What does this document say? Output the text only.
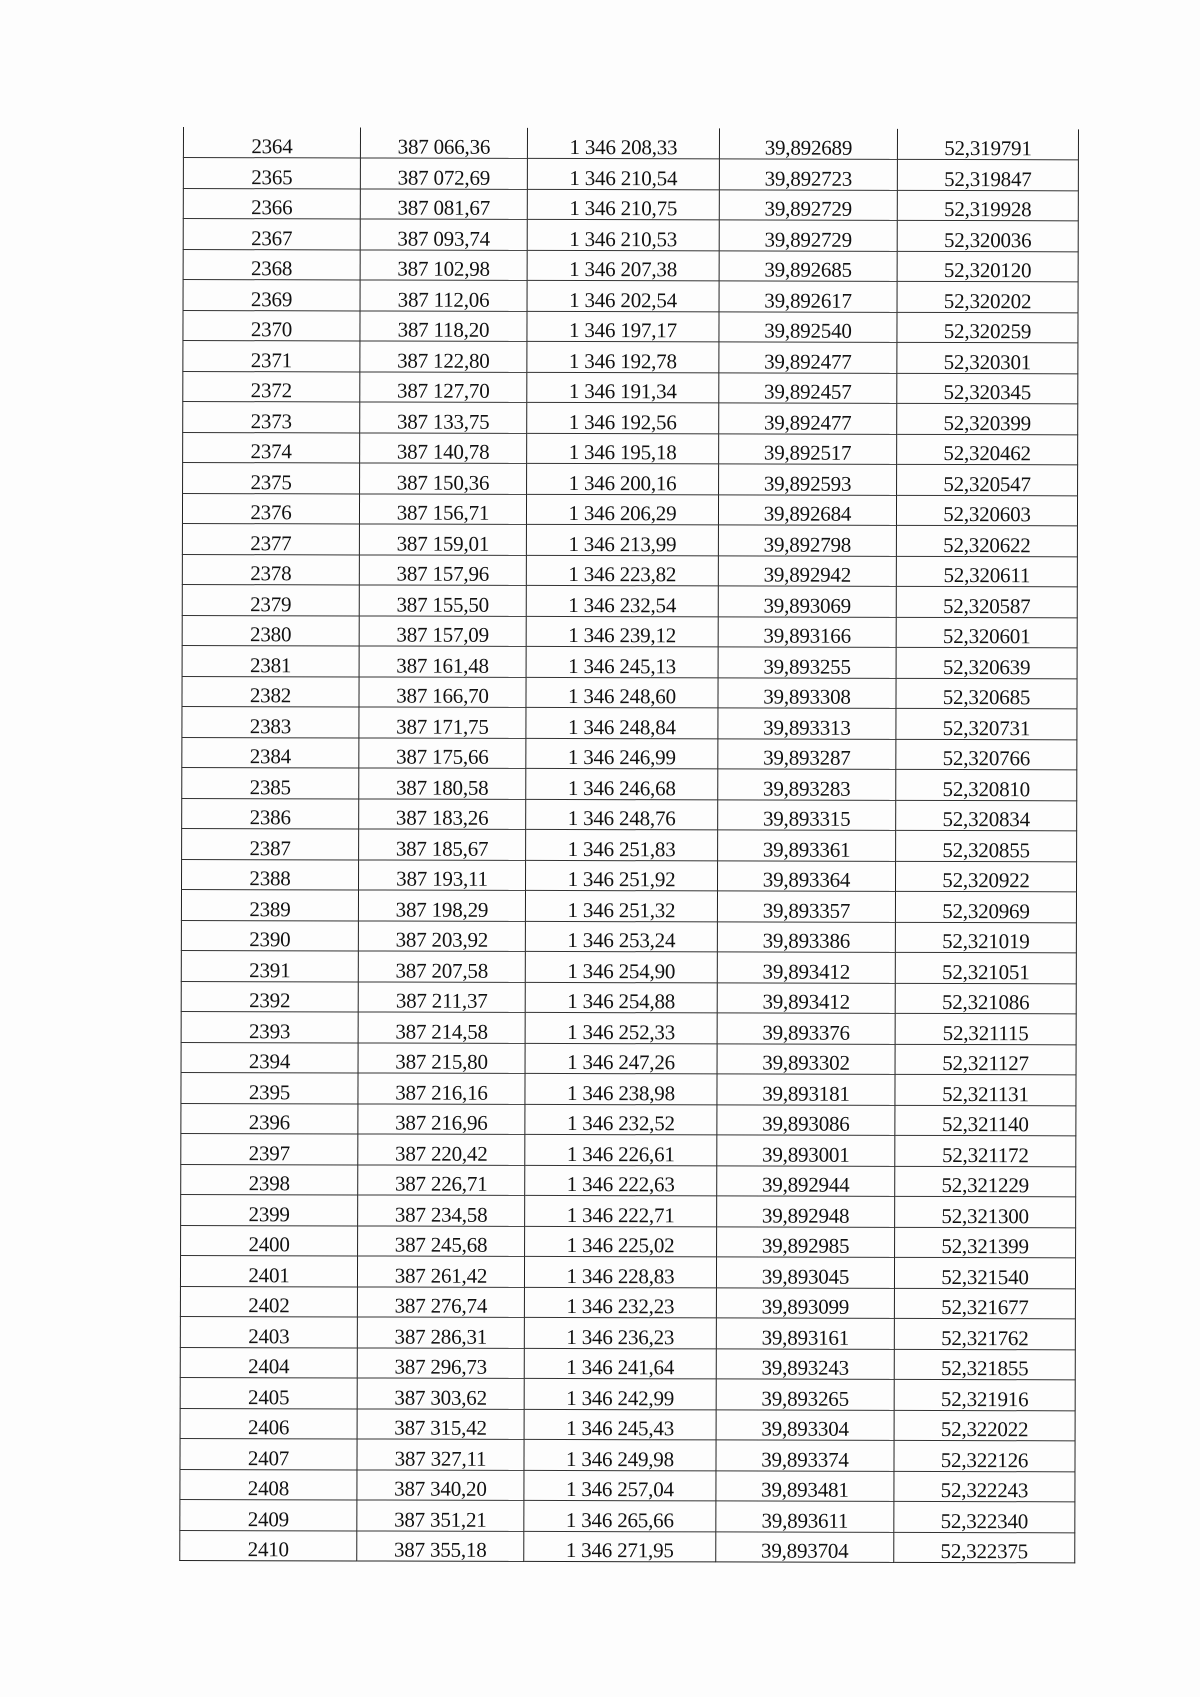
2364	387 066,36	1 346 208,33	39,892689	52,319791
2365	387 072,69	1 346 210,54	39,892723	52,319847
2366	387 081,67	1 346 210,75	39,892729	52,319928
2367	387 093,74	1 346 210,53	39,892729	52,320036
2368	387 102,98	1 346 207,38	39,892685	52,320120
2369	387 112,06	1 346 202,54	39,892617	52,320202
2370	387 118,20	1 346 197,17	39,892540	52,320259
2371	387 122,80	1 346 192,78	39,892477	52,320301
2372	387 127,70	1 346 191,34	39,892457	52,320345
2373	387 133,75	1 346 192,56	39,892477	52,320399
2374	387 140,78	1 346 195,18	39,892517	52,320462
2375	387 150,36	1 346 200,16	39,892593	52,320547
2376	387 156,71	1 346 206,29	39,892684	52,320603
2377	387 159,01	1 346 213,99	39,892798	52,320622
2378	387 157,96	1 346 223,82	39,892942	52,320611
2379	387 155,50	1 346 232,54	39,893069	52,320587
2380	387 157,09	1 346 239,12	39,893166	52,320601
2381	387 161,48	1 346 245,13	39,893255	52,320639
2382	387 166,70	1 346 248,60	39,893308	52,320685
2383	387 171,75	1 346 248,84	39,893313	52,320731
2384	387 175,66	1 346 246,99	39,893287	52,320766
2385	387 180,58	1 346 246,68	39,893283	52,320810
2386	387 183,26	1 346 248,76	39,893315	52,320834
2387	387 185,67	1 346 251,83	39,893361	52,320855
2388	387 193,11	1 346 251,92	39,893364	52,320922
2389	387 198,29	1 346 251,32	39,893357	52,320969
2390	387 203,92	1 346 253,24	39,893386	52,321019
2391	387 207,58	1 346 254,90	39,893412	52,321051
2392	387 211,37	1 346 254,88	39,893412	52,321086
2393	387 214,58	1 346 252,33	39,893376	52,321115
2394	387 215,80	1 346 247,26	39,893302	52,321127
2395	387 216,16	1 346 238,98	39,893181	52,321131
2396	387 216,96	1 346 232,52	39,893086	52,321140
2397	387 220,42	1 346 226,61	39,893001	52,321172
2398	387 226,71	1 346 222,63	39,892944	52,321229
2399	387 234,58	1 346 222,71	39,892948	52,321300
2400	387 245,68	1 346 225,02	39,892985	52,321399
2401	387 261,42	1 346 228,83	39,893045	52,321540
2402	387 276,74	1 346 232,23	39,893099	52,321677
2403	387 286,31	1 346 236,23	39,893161	52,321762
2404	387 296,73	1 346 241,64	39,893243	52,321855
2405	387 303,62	1 346 242,99	39,893265	52,321916
2406	387 315,42	1 346 245,43	39,893304	52,322022
2407	387 327,11	1 346 249,98	39,893374	52,322126
2408	387 340,20	1 346 257,04	39,893481	52,322243
2409	387 351,21	1 346 265,66	39,893611	52,322340
2410	387 355,18	1 346 271,95	39,893704	52,322375
